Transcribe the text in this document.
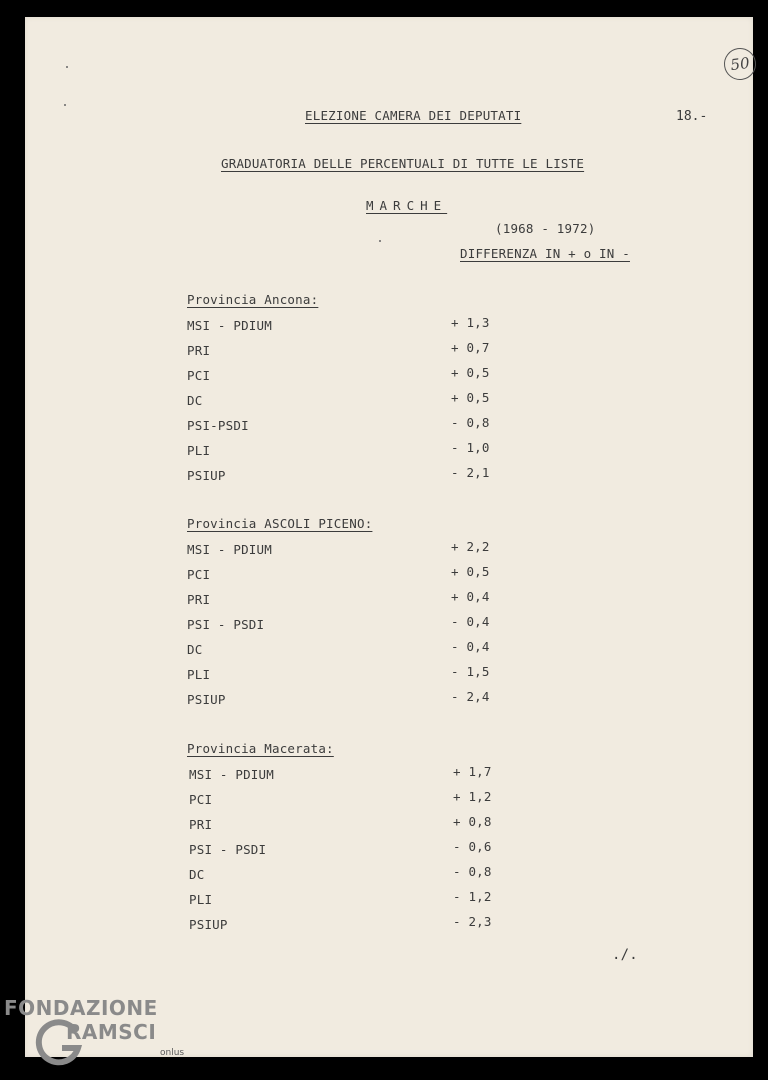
50
18.-
ELEZIONE CAMERA DEI DEPUTATI
GRADUATORIA DELLE PERCENTUALI DI TUTTE LE LISTE
MARCHE
(1968 - 1972)
DIFFERENZA IN + o IN -
Provincia Ancona:
MSI - PDIUM	+ 1,3
PRI	+ 0,7
PCI	+ 0,5
DC	+ 0,5
PSI-PSDI	- 0,8
PLI	- 1,0
PSIUP	- 2,1
Provincia ASCOLI PICENO:
MSI - PDIUM	+ 2,2
PCI	+ 0,5
PRI	+ 0,4
PSI - PSDI	- 0,4
DC	- 0,4
PLI	- 1,5
PSIUP	- 2,4
Provincia Macerata:
MSI - PDIUM	+ 1,7
PCI	+ 1,2
PRI	+ 0,8
PSI - PSDI	- 0,6
DC	- 0,8
PLI	- 1,2
PSIUP	- 2,3
./.
FONDAZIONE
RAMSCI
onlus
